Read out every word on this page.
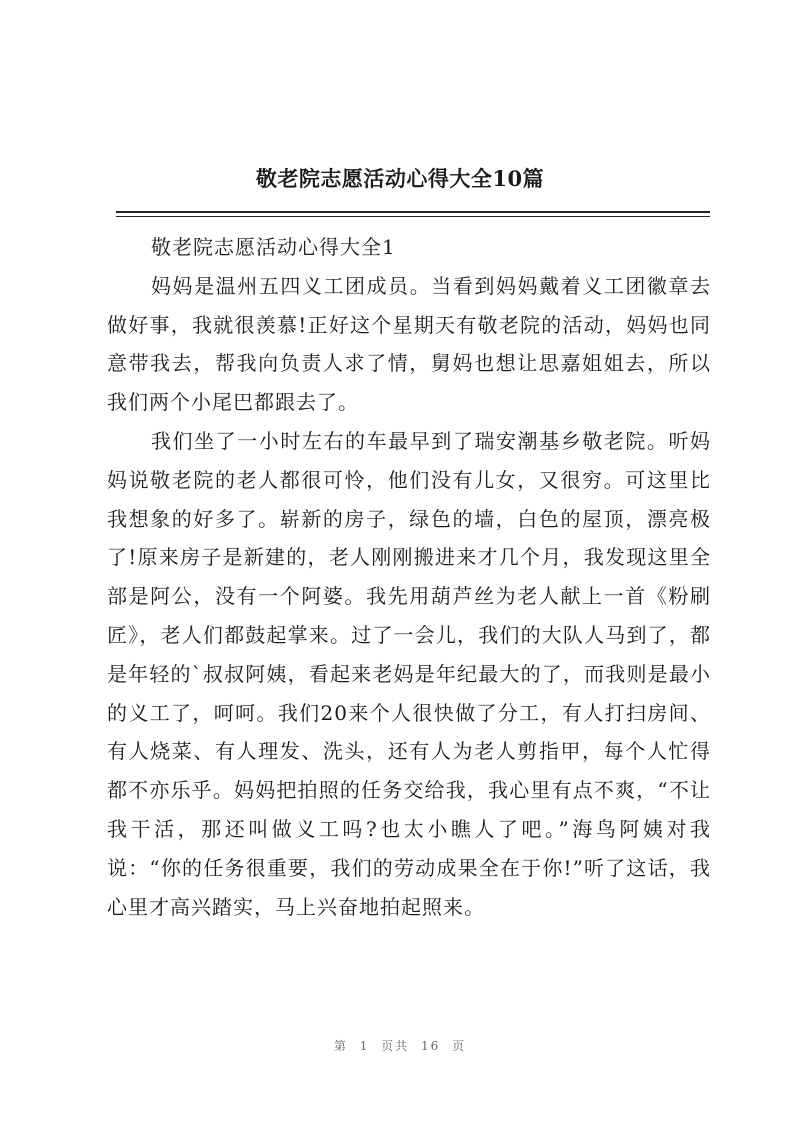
敬老院志愿活动心得大全10篇

敬老院志愿活动心得大全1

妈妈是温州五四义工团成员。当看到妈妈戴着义工团徽章去做好事，我就很羡慕!正好这个星期天有敬老院的活动，妈妈也同意带我去，帮我向负责人求了情，舅妈也想让思嘉姐姐去，所以我们两个小尾巴都跟去了。

我们坐了一小时左右的车最早到了瑞安潮基乡敬老院。听妈妈说敬老院的老人都很可怜，他们没有儿女，又很穷。可这里比我想象的好多了。崭新的房子，绿色的墙，白色的屋顶，漂亮极了!原来房子是新建的，老人刚刚搬进来才几个月，我发现这里全部是阿公，没有一个阿婆。我先用葫芦丝为老人献上一首《粉刷匠》，老人们都鼓起掌来。过了一会儿，我们的大队人马到了，都是年轻的`叔叔阿姨，看起来老妈是年纪最大的了，而我则是最小的义工了，呵呵。我们20来个人很快做了分工，有人打扫房间、有人烧菜、有人理发、洗头，还有人为老人剪指甲，每个人忙得都不亦乐乎。妈妈把拍照的任务交给我，我心里有点不爽，“不让我干活，那还叫做义工吗?也太小瞧人了吧。”海鸟阿姨对我说：“你的任务很重要，我们的劳动成果全在于你!”听了这话，我心里才高兴踏实，马上兴奋地拍起照来。

第 1 页共 16 页
